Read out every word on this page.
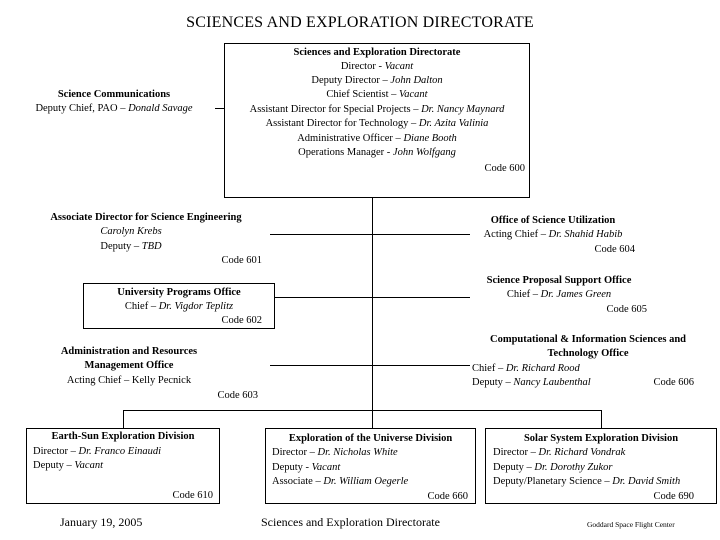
SCIENCES AND EXPLORATION DIRECTORATE
Sciences and Exploration Directorate
Director - Vacant
Deputy Director – John Dalton
Chief Scientist – Vacant
Assistant Director for Special Projects – Dr. Nancy Maynard
Assistant Director for Technology – Dr. Azita Valinia
Administrative Officer – Diane Booth
Operations Manager - John Wolfgang
Code 600
Science Communications
Deputy Chief, PAO – Donald Savage
Associate Director for Science Engineering
Carolyn Krebs
Deputy – TBD
Code 601
University Programs Office
Chief – Dr. Vigdor Teplitz
Code 602
Administration and Resources
Management Office
Acting Chief – Kelly Pecnick
Code 603
Office of Science Utilization
Acting Chief – Dr. Shahid Habib
Code 604
Science Proposal Support Office
Chief – Dr. James Green
Code 605
Computational & Information Sciences and
Technology Office
Chief – Dr. Richard Rood
Deputy – Nancy Laubenthal	Code 606
Earth-Sun Exploration Division
Director – Dr. Franco Einaudi
Deputy – Vacant
Code 610
Exploration of the Universe Division
Director – Dr. Nicholas White
Deputy - Vacant
Associate – Dr. William Oegerle
Code 660
Solar System Exploration Division
Director – Dr. Richard Vondrak
Deputy – Dr. Dorothy Zukor
Deputy/Planetary Science – Dr. David Smith
Code 690
January 19, 2005	Sciences and Exploration Directorate	Goddard Space Flight Center
